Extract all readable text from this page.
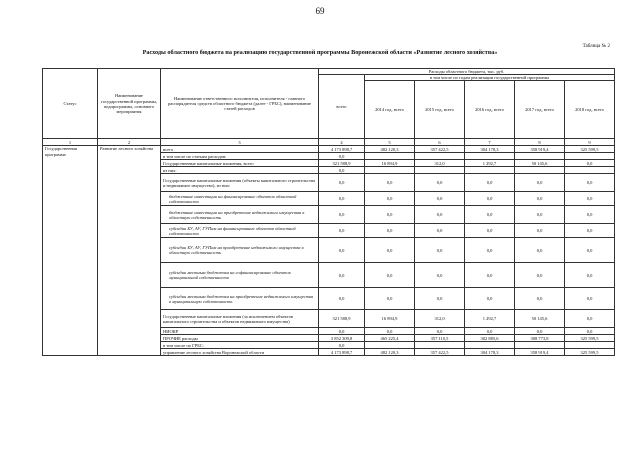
69
Таблица № 2
Расходы областного бюджета на реализацию государственной программы Воронежской области «Развитие лесного хозяйства»
Статус	Наименование государственной программы, подпрограммы, основного мероприятия	Наименование ответственного исполнителя, исполнителя - главного распорядителя средств областного бюджета (далее - ГРБС), наименование статей расходов	Расходы областного бюджета, тыс. руб.					
			всего	в том числе по годам реализации государственной программы				
				2014 год, всего	2015 год, всего	2016 год, всего	2017 год, всего	2018 год, всего
1	2	3	4	5	6	7	8	9
Государственная программа	Развитие лесного хозяйства	всего	4 173 898,7	482 120,3	357 422,5	304 178,3	358 919,4	325 599,5
		в том числе по статьям расходов:	0,0					
		Государственные капитальные вложения, всего	321 588,9	16 894,9	312,0	1 292,7	50 145,6	0,0
		из них:	0,0					
		Государственные капитальные вложения (объекты капитального строительства и недвижимое имущество), из них:	0,0	0,0	0,0	0,0	0,0	0,0
		бюджетные инвестиции на финансирование объектов областной собственности	0,0	0,0	0,0	0,0	0,0	0,0
		бюджетные инвестиции на приобретение недвижимого имущества в областную собственность	0,0	0,0	0,0	0,0	0,0	0,0
		субсидии БУ, АУ, ГУПам на финансирование объектов областной собственности	0,0	0,0	0,0	0,0	0,0	0,0
		субсидии БУ, АУ, ГУПам на приобретение недвижимого имущества в областную собственность	0,0	0,0	0,0	0,0	0,0	0,0
		субсидии местным бюджетам на софинансирование объектов муниципальной собственности	0,0	0,0	0,0	0,0	0,0	0,0
		субсидии местным бюджетам на приобретение недвижимого имущества в муниципальную собственность	0,0	0,0	0,0	0,0	0,0	0,0
		Государственные капитальные вложения (за исключением объектов капитального строительства и объектов недвижимого имущества)	321 588,9	16 894,9	312,0	1 292,7	50 145,6	0,0
		НИОКР	0,0	0,0	0,0	0,0	0,0	0,0
		ПРОЧИЕ расходы	3 852 309,8	465 225,4	357 110,5	302 885,6	308 773,8	325 599,5
		в том числе по ГРБС:	0,0					
		управление лесного хозяйства Воронежской области	4 173 898,7	482 120,3	357 422,5	304 178,3	358 919,4	325 599,5
